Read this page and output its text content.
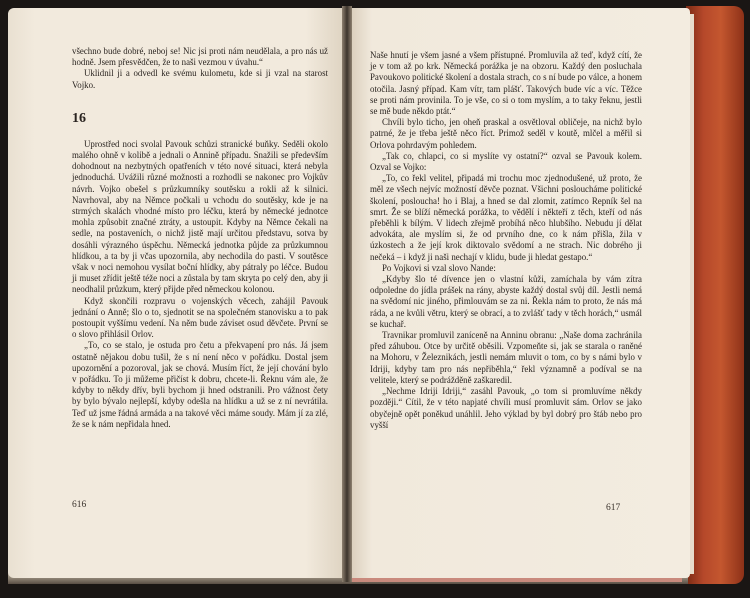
všechno bude dobré, neboj se! Nic jsi proti nám neudělala, a pro nás už hodně. Jsem přesvědčen, že to naši vezmou v úvahu.“

Uklidnil ji a odvedl ke svému kulometu, kde si ji vzal na starost Vojko.

16

Uprostřed noci svolal Pavouk schůzi stranické buňky. Seděli okolo malého ohně v kolibě a jednali o Annině případu. Snažili se především dohodnout na nezbytných opatřeních v této nové situaci, která nebyla jednoduchá. Uvážili různé možnosti a rozhodli se nakonec pro Vojkův návrh. Vojko obešel s průzkumníky soutěsku a rokli až k silnici. Navrhoval, aby na Němce počkali u vchodu do soutěsky, kde je na strmých skalách vhodné místo pro léčku, která by německé jednotce mohla způsobit značné ztráty, a ustoupit. Kdyby na Němce čekali na sedle, na postaveních, o nichž jistě mají určitou představu, sotva by dosáhli výrazného úspěchu. Německá jednotka půjde za průzkumnou hlídkou, a ta by ji včas upozornila, aby nechodila do pasti. V soutěsce však v noci nemohou vysílat boční hlídky, aby pátraly po léčce. Budou ji muset zřídit ještě téže noci a zůstala by tam skryta po celý den, aby ji neodhalil průzkum, který přijde před německou kolonou.

Když skončili rozpravu o vojenských věcech, zahájil Pavouk jednání o Anně; šlo o to, sjednotit se na společném stanovisku a to pak postoupit vyššímu vedení. Na něm bude záviset osud děvčete. První se o slovo přihlásil Orlov.

„To, co se stalo, je ostuda pro četu a překvapení pro nás. Já jsem ostatně nějakou dobu tušil, že s ní není něco v pořádku. Dostal jsem upozornění a pozoroval, jak se chová. Musím říct, že její chování bylo v pořádku. To ji můžeme přičíst k dobru, chcete-li. Řeknu vám ale, že kdyby to někdy dřív, byli bychom ji hned odstranili. Pro vážnost čety by bylo bývalo nejlepší, kdyby odešla na hlídku a už se z ní nevrátila. Teď už jsme řádná armáda a na takové věci máme soudy. Mám jí za zlé, že se k nám nepřidala hned.

616

Naše hnutí je všem jasné a všem přístupné. Promluvila až teď, když cítí, že je v tom až po krk. Německá porážka je na obzoru. Každý den posluchala Pavoukovo politické školení a dostala strach, co s ní bude po válce, a honem otočila. Jasný případ. Kam vítr, tam plášť. Takových bude víc a víc. Těžce se proti nám provinila. To je vše, co si o tom myslím, a to taky řeknu, jestli se mě bude někdo ptát.“

Chvíli bylo ticho, jen oheň praskal a osvětloval obličeje, na nichž bylo patrné, že je třeba ještě něco říct. Primož seděl v koutě, mlčel a měřil si Orlova pohrdavým pohledem.

„Tak co, chlapci, co si myslíte vy ostatní?“ ozval se Pavouk kolem. Ozval se Vojko:

„To, co řekl velitel, připadá mi trochu moc zjednodušené, už proto, že měl ze všech nejvíc možností děvče poznat. Všichni posloucháme politické školení, posloucha! ho i Blaj, a hned se dal zlomit, zatímco Repník šel na smrt. Že se blíží německá porážka, to vědělí i někteří z těch, kteří od nás přeběhli k bílým. V lidech zřejmě probíhá něco hlubšího. Nebudu jí dělat advokáta, ale myslím si, že od prvního dne, co k nám přišla, žila v úzkostech a že její krok diktovalo svědomí a ne strach. Nic dobrého ji nečeká – i když ji naši nechají v klidu, bude ji hledat gestapo.“

Po Vojkovi si vzal slovo Nande:

„Kdyby šlo té dívence jen o vlastní kůži, zamíchala by vám zítra odpoledne do jídla prášek na rány, abyste každý dostal svůj díl. Jestli nemá na svědomí nic jiného, přimlouvám se za ni. Řekla nám to proto, že nás má ráda, a ne kvůli větru, který se obrací, a to zvlášť tady v těch horách,“ usmál se kuchař.

Travnikar promluvil zaníceně na Anninu obranu: „Naše doma zachránila před záhubou. Otce by určitě oběsili. Vzpomeňte si, jak se starala o raněné na Mohoru, v Železnikách, jestli nemám mluvit o tom, co by s námi bylo v Idriji, kdyby tam pro nás nepřiběhla,“ řekl významně a podíval se na velitele, který se podrážděně zaškaredil.

„Nechme Idriji Idriji,“ zasáhl Pavouk, „o tom si promluvíme někdy později.“ Cítil, že v této napjaté chvíli musí promluvit sám. Orlov se jako obyčejně opět poněkud unáhlil. Jeho výklad by byl dobrý pro štáb nebo pro vyšší

617
